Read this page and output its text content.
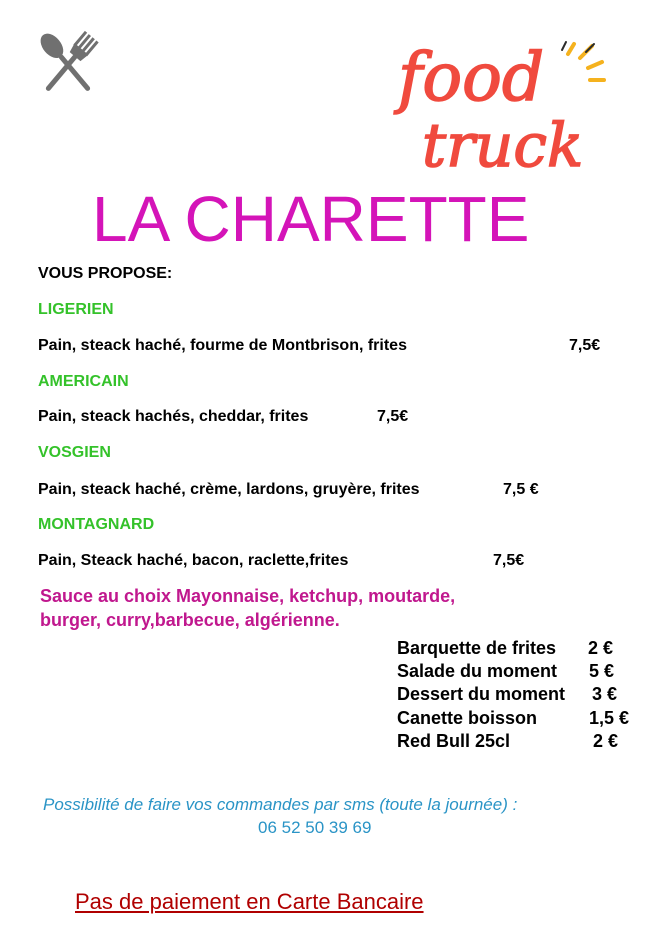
food
truck
LA CHARETTE
VOUS PROPOSE:
LIGERIEN
Pain, steack haché, fourme de Montbrison, frites	7,5€
AMERICAIN
Pain, steack hachés, cheddar, frites	7,5€
VOSGIEN
Pain, steack haché, crème, lardons, gruyère, frites	7,5 €
MONTAGNARD
Pain, Steack haché, bacon, raclette,frites	7,5€
Sauce au choix Mayonnaise, ketchup, moutarde,
burger, curry,barbecue, algérienne.
Barquette de frites 2 €
Salade du moment 5 €
Dessert du moment 3 €
Canette boisson	1,5 €
Red Bull 25cl	2 €
Possibilité de faire vos commandes par sms (toute la journée) :
06 52 50 39 69
Pas de paiement en Carte Bancaire
